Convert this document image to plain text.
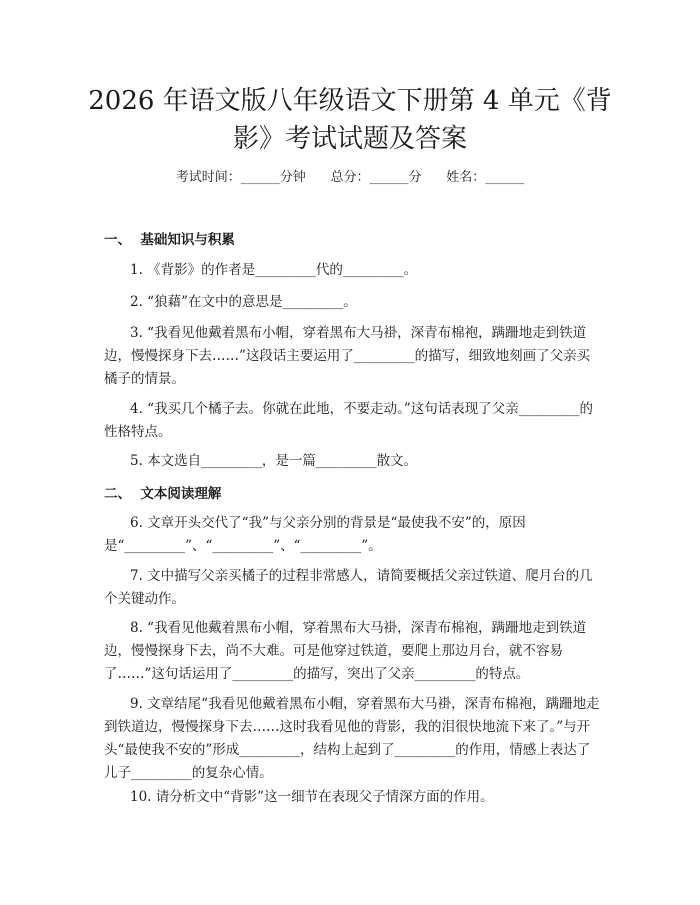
2026 年语文版八年级语文下册第 4 单元《背
影》考试试题及答案
考试时间：______分钟      总分：______分      姓名：______
一、  基础知识与积累

1. 《背影》的作者是_________代的_________。

2. “狼藉”在文中的意思是_________。

3. “我看见他戴着黑布小帽，穿着黑布大马褂，深青布棉袍，蹒跚地走到铁道边，慢慢探身下去……”这段话主要运用了_________的描写，细致地刻画了父亲买橘子的情景。

4. “我买几个橘子去。你就在此地，不要走动。”这句话表现了父亲_________的性格特点。

5. 本文选自_________，是一篇_________散文。

二、  文本阅读理解

6. 文章开头交代了“我”与父亲分别的背景是“最使我不安”的，原因是“_________”、“_________”、“_________”。

7. 文中描写父亲买橘子的过程非常感人，请简要概括父亲过铁道、爬月台的几个关键动作。

8. “我看见他戴着黑布小帽，穿着黑布大马褂，深青布棉袍，蹒跚地走到铁道边，慢慢探身下去，尚不大难。可是他穿过铁道，要爬上那边月台，就不容易了……”这句话运用了_________的描写，突出了父亲_________的特点。

9. 文章结尾“我看见他戴着黑布小帽，穿着黑布大马褂，深青布棉袍，蹒跚地走到铁道边，慢慢探身下去……这时我看见他的背影，我的泪很快地流下来了。”与开头“最使我不安的”形成_________，结构上起到了_________的作用，情感上表达了儿子_________的复杂心情。

10. 请分析文中“背影”这一细节在表现父子情深方面的作用。
